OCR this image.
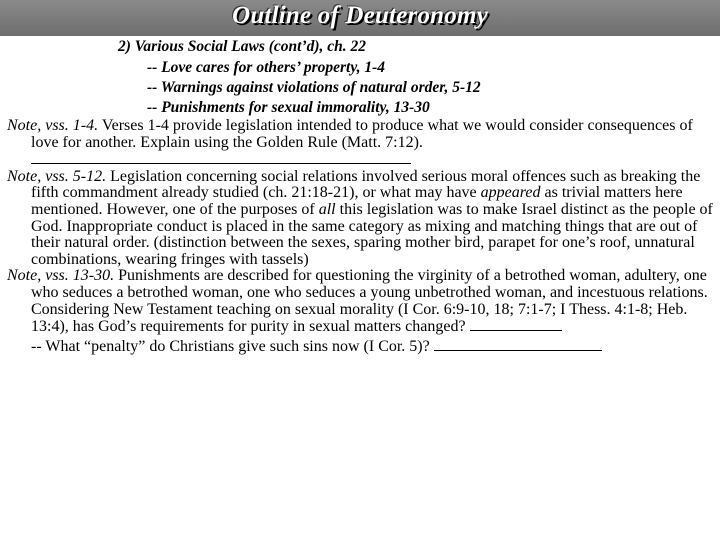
Outline of Deuteronomy
2) Various Social Laws (cont’d), ch. 22
-- Love cares for others’ property, 1-4
-- Warnings against violations of natural order, 5-12
-- Punishments for sexual immorality, 13-30

Note, vss. 1-4. Verses 1-4 provide legislation intended to produce what we would consider consequences of love for another. Explain using the Golden Rule (Matt. 7:12).

Note, vss. 5-12. Legislation concerning social relations involved serious moral offences such as breaking the fifth commandment already studied (ch. 21:18-21), or what may have appeared as trivial matters here mentioned. However, one of the purposes of all this legislation was to make Israel distinct as the people of God. Inappropriate conduct is placed in the same category as mixing and matching things that are out of their natural order. (distinction between the sexes, sparing mother bird, parapet for one’s roof, unnatural combinations, wearing fringes with tassels)

Note, vss. 13-30. Punishments are described for questioning the virginity of a betrothed woman, adultery, one who seduces a betrothed woman, one who seduces a young unbetrothed woman, and incestuous relations. Considering New Testament teaching on sexual morality (I Cor. 6:9-10, 18; 7:1-7; I Thess. 4:1-8; Heb. 13:4), has God’s requirements for purity in sexual matters changed?

-- What “penalty” do Christians give such sins now (I Cor. 5)?
